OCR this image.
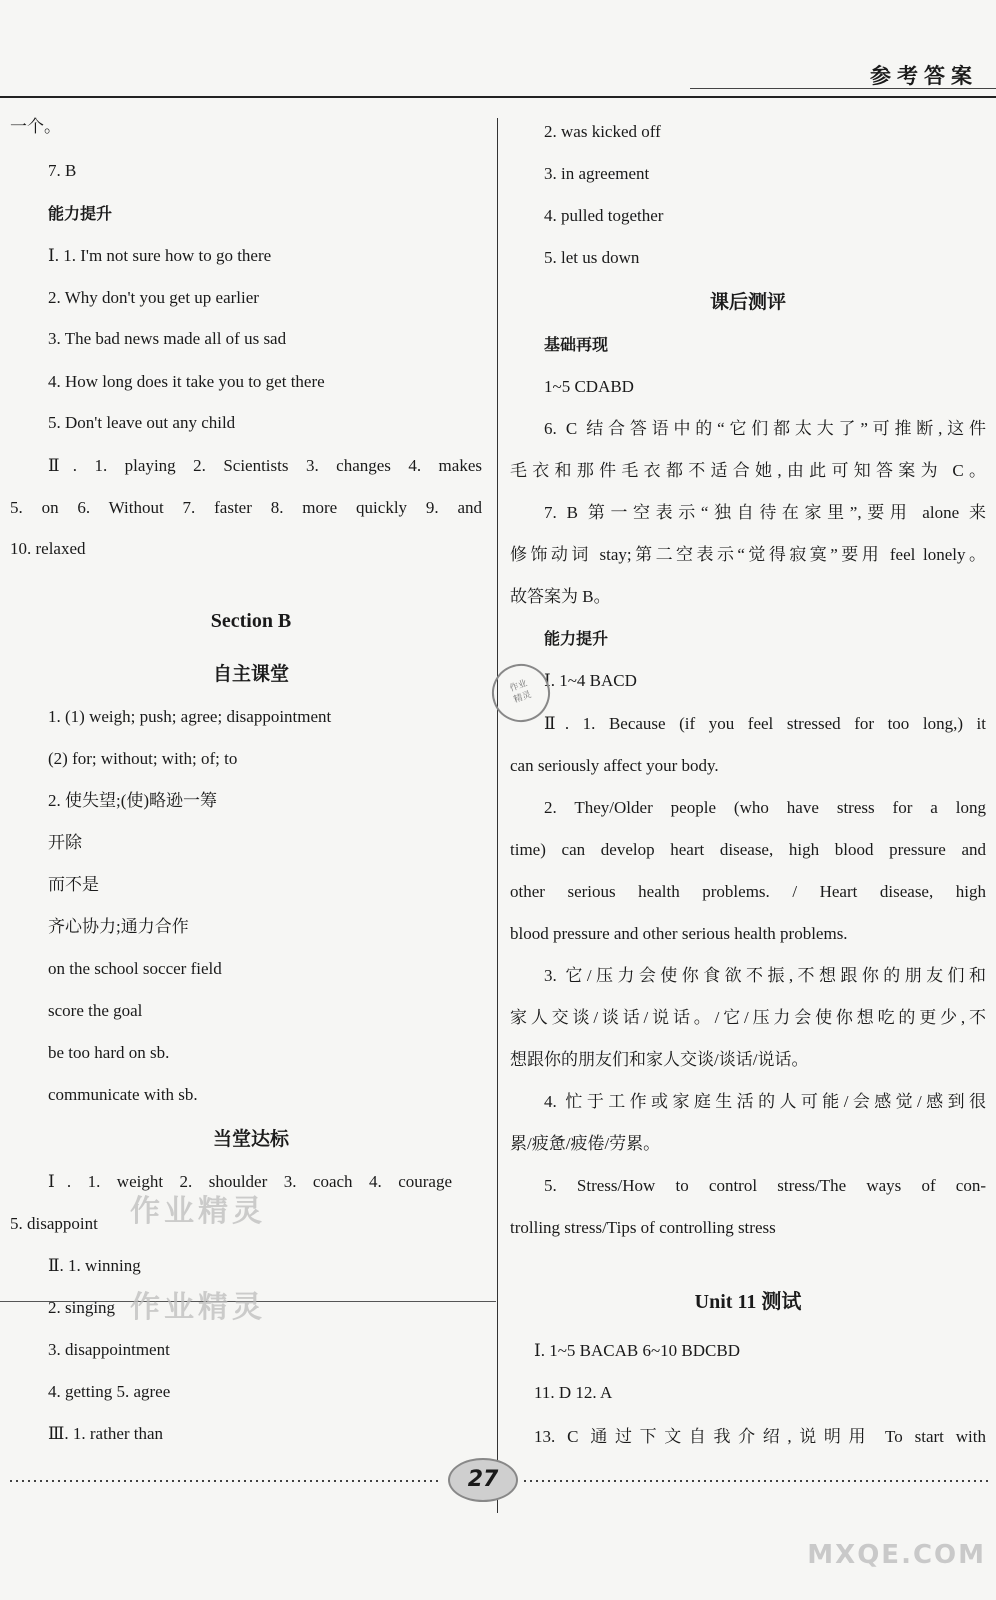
参考答案
一个。
7. B
能力提升
Ⅰ. 1. I'm not sure how to go there
2. Why don't you get up earlier
3. The bad news made all of us sad
4. How long does it take you to get there
5. Don't leave out any child
Ⅱ. 1. playing 2. Scientists 3. changes 4. makes
5. on 6. Without 7. faster 8. more quickly 9. and
10. relaxed
Section B
自主课堂
1. (1) weigh; push; agree; disappointment
(2) for; without; with; of; to
2. 使失望;(使)略逊一筹
开除
而不是
齐心协力;通力合作
on the school soccer field
score the goal
be too hard on sb.
communicate with sb.
当堂达标
Ⅰ. 1. weight 2. shoulder 3. coach 4. courage
5. disappoint
Ⅱ. 1. winning
2. singing
3. disappointment
4. getting 5. agree
Ⅲ. 1. rather than
2. was kicked off
3. in agreement
4. pulled together
5. let us down
课后测评
基础再现
1~5 CDABD
6. C 结合答语中的“它们都太大了”可推断,这件
毛衣和那件毛衣都不适合她,由此可知答案为 C。
7. B 第一空表示“独自待在家里”,要用 alone 来
修饰动词 stay;第二空表示“觉得寂寞”要用 feel lonely。
故答案为 B。
能力提升
Ⅰ. 1~4 BACD
Ⅱ. 1. Because (if you feel stressed for too long,) it
can seriously affect your body.
2. They/Older people (who have stress for a long
time) can develop heart disease, high blood pressure and
other serious health problems. / Heart disease, high
blood pressure and other serious health problems.
3. 它/压力会使你食欲不振,不想跟你的朋友们和
家人交谈/谈话/说话。/它/压力会使你想吃的更少,不
想跟你的朋友们和家人交谈/谈话/说话。
4. 忙于工作或家庭生活的人可能/会感觉/感到很
累/疲惫/疲倦/劳累。
5. Stress/How to control stress/The ways of con-
trolling stress/Tips of controlling stress
Unit 11 测试
Ⅰ. 1~5 BACAB 6~10 BDCBD
11. D 12. A
13. C 通过下文自我介绍,说明用 To start with
作业
精灵
作业精灵
作业精灵
27
MXQE.COM
